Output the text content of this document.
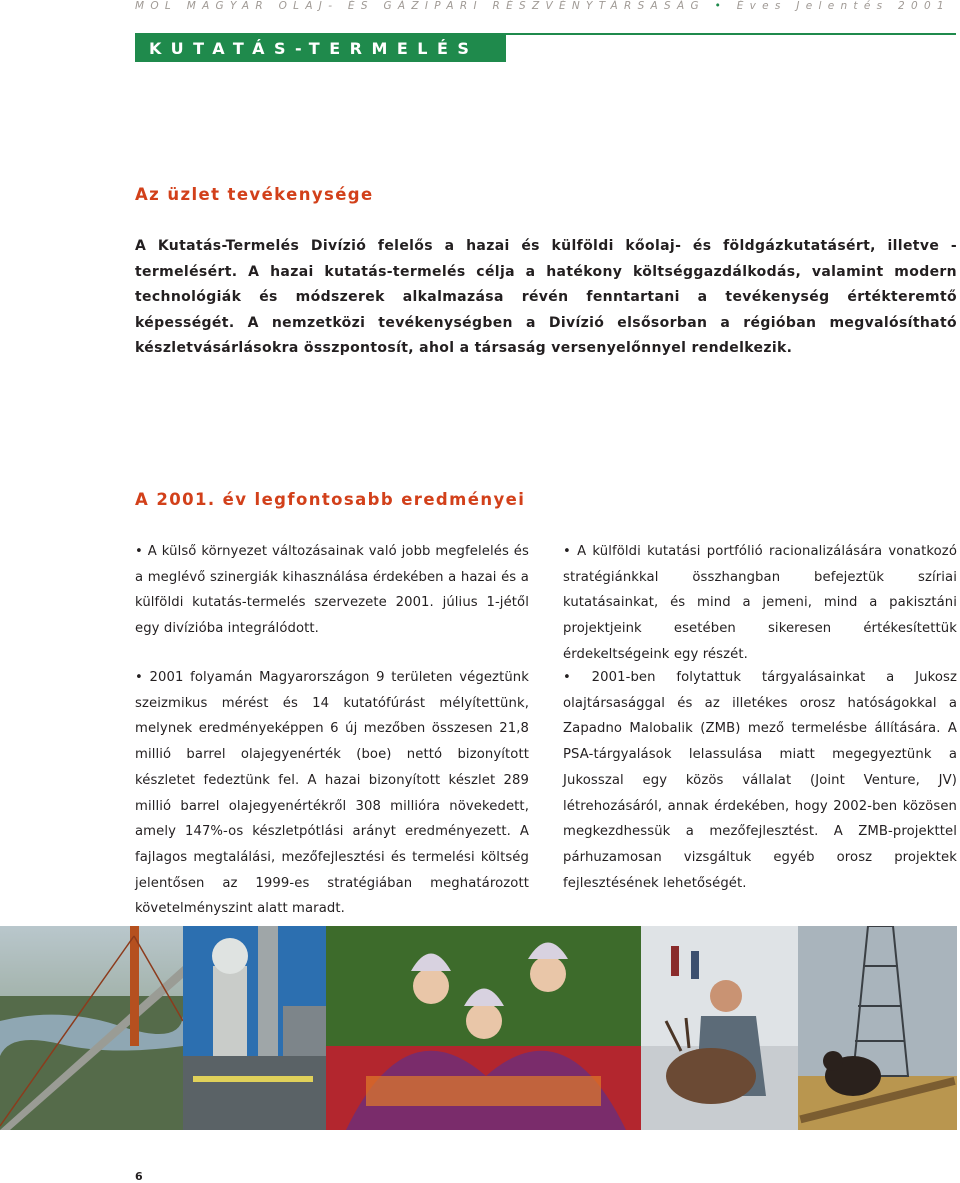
MOL MAGYAR OLAJ- ÉS GÁZIPARI RÉSZVÉNYTÁRSASÁG • Éves Jelentés 2001
KUTATÁS-TERMELÉS
Az üzlet tevékenysége
A Kutatás-Termelés Divízió felelős a hazai és külföldi kőolaj- és földgázkutatásért, illetve -termelésért. A hazai kutatás-termelés célja a hatékony költséggazdálkodás, valamint modern technológiák és módszerek alkalmazása révén fenntartani a tevékenység értékteremtő képességét. A nemzetközi tevékenységben a Divízió elsősorban a régióban megvalósítható készletvásárlásokra összpontosít, ahol a társaság versenyelőnnyel rendelkezik.
A 2001. év legfontosabb eredményei
• A külső környezet változásainak való jobb megfelelés és a meglévő szinergiák kihasználása érdekében a hazai és a külföldi kutatás-termelés szervezete 2001. július 1-jétől egy divízióba integrálódott.
• A külföldi kutatási portfólió racionalizálására vonatkozó stratégiánkkal összhangban befejeztük szíriai kutatásainkat, és mind a jemeni, mind a pakisztáni projektjeink esetében sikeresen értékesítettük érdekeltségeink egy részét.
• 2001 folyamán Magyarországon 9 területen végeztünk szeizmikus mérést és 14 kutatófúrást mélyítettünk, melynek eredményeképpen 6 új mezőben összesen 21,8 millió barrel olajegyenérték (boe) nettó bizonyított készletet fedeztünk fel. A hazai bizonyított készlet 289 millió barrel olajegyenértékről 308 millióra növekedett, amely 147%-os készletpótlási arányt eredményezett. A fajlagos megtalálási, mezőfejlesztési és termelési költség jelentősen az 1999-es stratégiában meghatározott követelményszint alatt maradt.
• 2001-ben folytattuk tárgyalásainkat a Jukosz olajtársasággal és az illetékes orosz hatóságokkal a Zapadno Malobalik (ZMB) mező termelésbe állítására. A PSA-tárgyalások lelassulása miatt megegyeztünk a Jukosszal egy közös vállalat (Joint Venture, JV) létrehozásáról, annak érdekében, hogy 2002-ben közösen megkezdhessük a mezőfejlesztést. A ZMB-projekttel párhuzamosan vizsgáltuk egyéb orosz projektek fejlesztésének lehetőségét.
6
